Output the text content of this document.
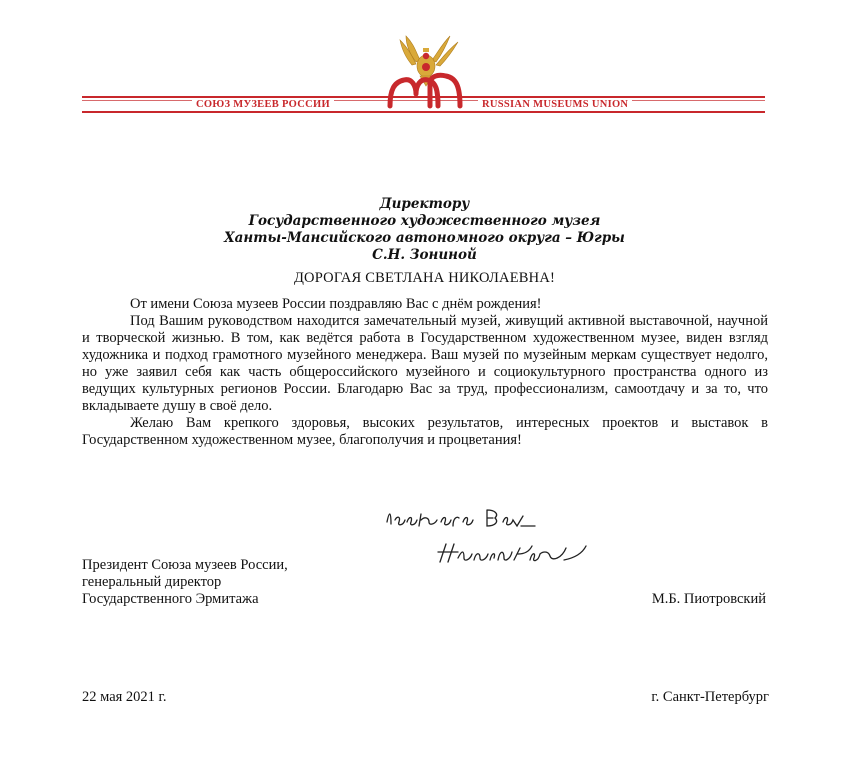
СОЮЗ МУЗЕЕВ РОССИИ	RUSSIAN MUSEUMS UNION
Директору
Государственного художественного музея
Ханты-Мансийского автономного округа – Югры
С.Н. Зониной
ДОРОГАЯ СВЕТЛАНА НИКОЛАЕВНА!

От имени Союза музеев России поздравляю Вас с днём рождения!

Под Вашим руководством находится замечательный музей, живущий активной выставочной, научной и творческой жизнью. В том, как ведётся работа в Государственном художественном музее, виден взгляд художника и подход грамотного музейного менеджера. Ваш музей по музейным меркам существует недолго, но уже заявил себя как часть общероссийского музейного и социокультурного пространства одного из ведущих культурных регионов России. Благодарю Вас за труд, профессионализм, самоотдачу и за то, что вкладываете душу в своё дело.

Желаю Вам крепкого здоровья, высоких результатов, интересных проектов и выставок в Государственном художественном музее, благополучия и процветания!

Президент Союза музеев России,
генеральный директор
Государственного Эрмитажа	М.Б. Пиотровский
22 мая 2021 г.	г. Санкт-Петербург
